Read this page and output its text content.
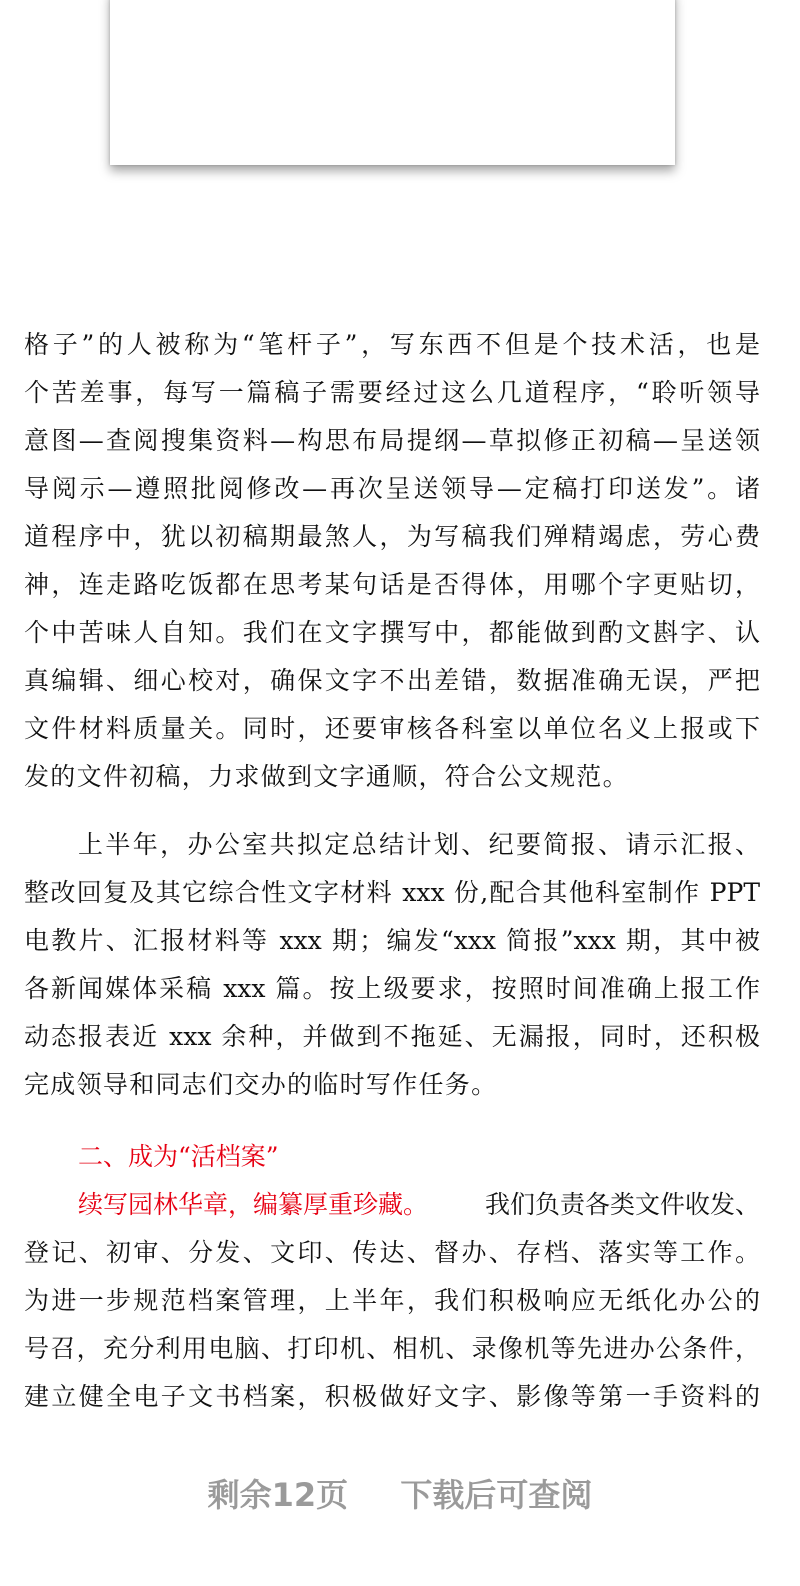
格子”的人被称为“笔杆子”，写东西不但是个技术活，也是
个苦差事，每写一篇稿子需要经过这么几道程序，“聆听领导
意图—查阅搜集资料—构思布局提纲—草拟修正初稿—呈送领
导阅示—遵照批阅修改—再次呈送领导—定稿打印送发”。诸
道程序中，犹以初稿期最煞人，为写稿我们殚精竭虑，劳心费
神，连走路吃饭都在思考某句话是否得体，用哪个字更贴切，
个中苦味人自知。我们在文字撰写中，都能做到酌文斟字、认
真编辑、细心校对，确保文字不出差错，数据准确无误，严把
文件材料质量关。同时，还要审核各科室以单位名义上报或下
发的文件初稿，力求做到文字通顺，符合公文规范。
上半年，办公室共拟定总结计划、纪要简报、请示汇报、
整改回复及其它综合性文字材料 xxx 份,配合其他科室制作 PPT
电教片、汇报材料等 xxx 期；编发“xxx 简报”xxx 期，其中被
各新闻媒体采稿 xxx 篇。按上级要求，按照时间准确上报工作
动态报表近 xxx 余种，并做到不拖延、无漏报，同时，还积极
完成领导和同志们交办的临时写作任务。
二、成为“活档案”
续写园林华章，编纂厚重珍藏。 我们负责各类文件收发、
登记、初审、分发、文印、传达、督办、存档、落实等工作。
为进一步规范档案管理，上半年，我们积极响应无纸化办公的
号召，充分利用电脑、打印机、相机、录像机等先进办公条件，
建立健全电子文书档案，积极做好文字、影像等第一手资料的
剩余12页 下载后可查阅
